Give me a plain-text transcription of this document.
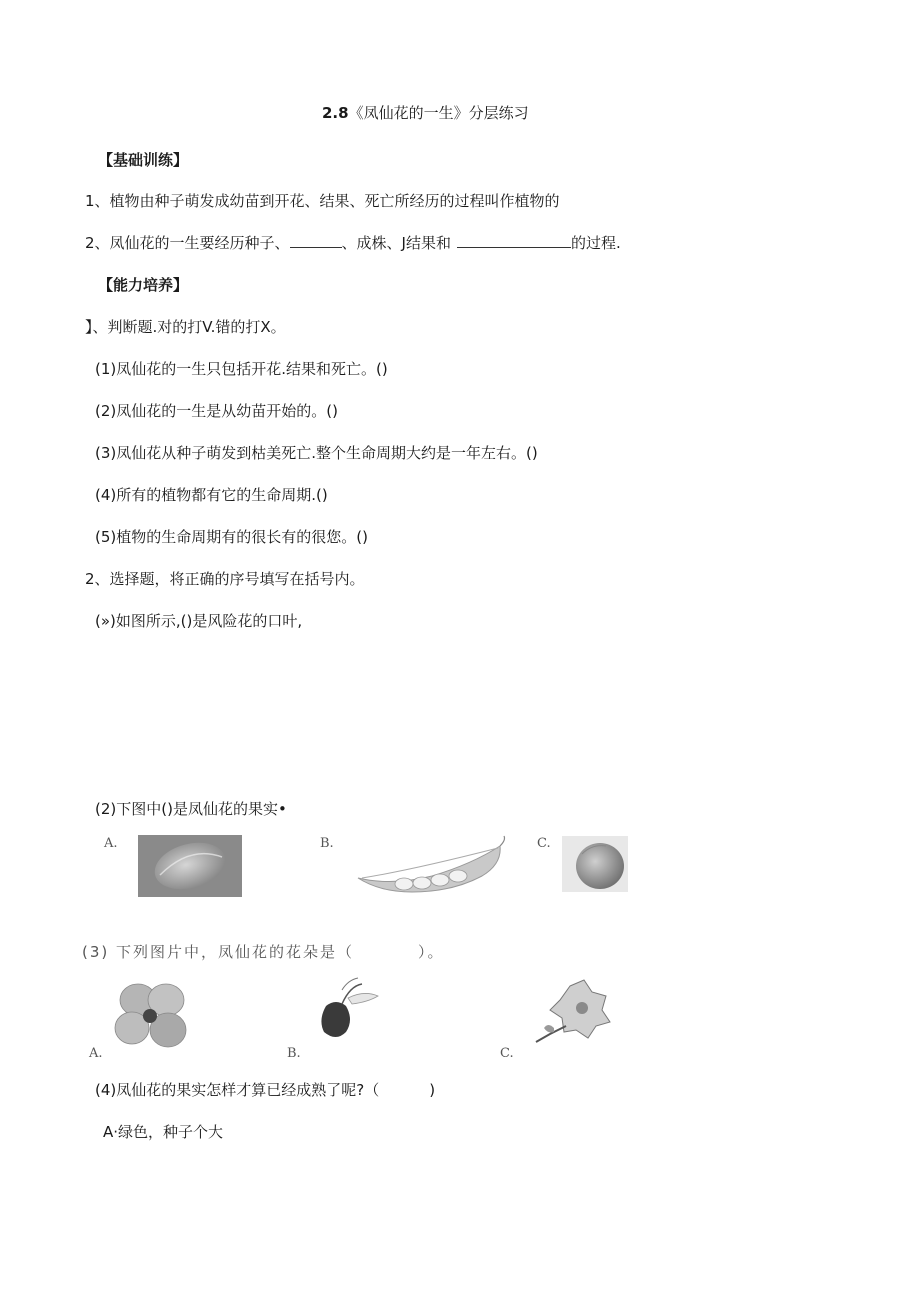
2.8《凤仙花的一生》分层练习
【基础训练】
1、植物由种子萌发成幼苗到开花、结果、死亡所经历的过程叫作植物的
2、凤仙花的一生要经历种子、	、成株、J结果和	的过程.
【能力培养】
】、判断题.对的打V.错的打X。
(1)凤仙花的一生只包括开花.结果和死亡。()
(2)凤仙花的一生是从幼苗开始的。()
(3)凤仙花从种子萌发到枯美死亡.整个生命周期大约是一年左右。()
(4)所有的植物都有它的生命周期.()
(5)植物的生命周期有的很长有的很您。()
2、选择题，将正确的序号填写在括号内。
(»)如图所示,()是风险花的口叶,
(2)下图中()是凤仙花的果实•
A.	B.	C.
(3) 下列图片中，凤仙花的花朵是（	）。
A.	B.	C.
(4)凤仙花的果实怎样才算已经成熟了呢?（	)
A·绿色，种子个大
